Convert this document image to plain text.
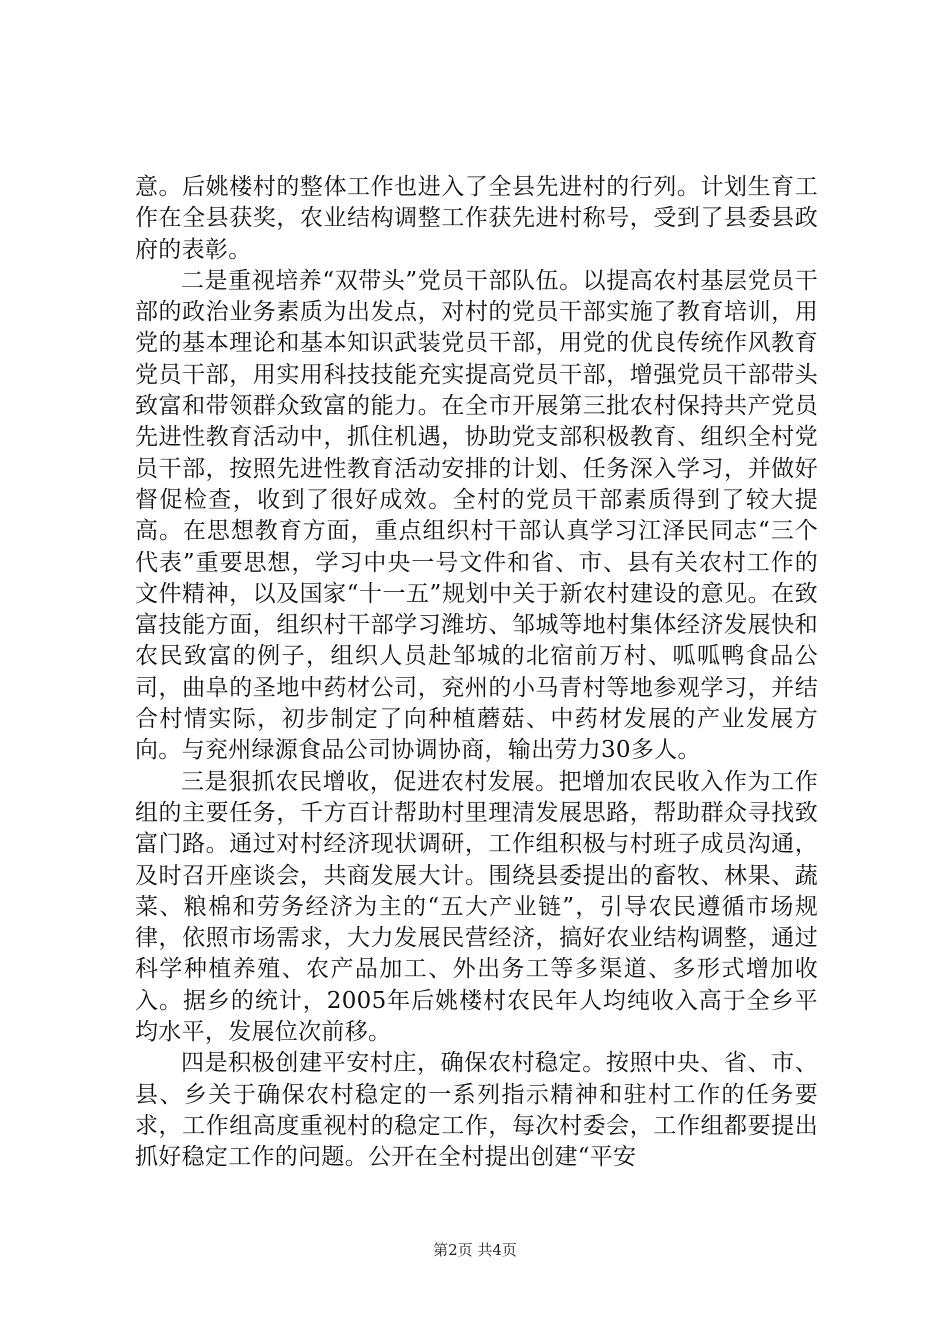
意。后姚楼村的整体工作也进入了全县先进村的行列。计划生育工作在全县获奖，农业结构调整工作获先进村称号，受到了县委县政府的表彰。

二是重视培养“双带头”党员干部队伍。以提高农村基层党员干部的政治业务素质为出发点，对村的党员干部实施了教育培训，用党的基本理论和基本知识武装党员干部，用党的优良传统作风教育党员干部，用实用科技技能充实提高党员干部，增强党员干部带头致富和带领群众致富的能力。在全市开展第三批农村保持共产党员先进性教育活动中，抓住机遇，协助党支部积极教育、组织全村党员干部，按照先进性教育活动安排的计划、任务深入学习，并做好督促检查，收到了很好成效。全村的党员干部素质得到了较大提高。在思想教育方面，重点组织村干部认真学习江泽民同志“三个代表”重要思想，学习中央一号文件和省、市、县有关农村工作的文件精神，以及国家“十一五”规划中关于新农村建设的意见。在致富技能方面，组织村干部学习潍坊、邹城等地村集体经济发展快和农民致富的例子，组织人员赴邹城的北宿前万村、呱呱鸭食品公司，曲阜的圣地中药材公司，兖州的小马青村等地参观学习，并结合村情实际，初步制定了向种植蘑菇、中药材发展的产业发展方向。与兖州绿源食品公司协调协商，输出劳力30多人。

三是狠抓农民增收，促进农村发展。把增加农民收入作为工作组的主要任务，千方百计帮助村里理清发展思路，帮助群众寻找致富门路。通过对村经济现状调研，工作组积极与村班子成员沟通，及时召开座谈会，共商发展大计。围绕县委提出的畜牧、林果、蔬菜、粮棉和劳务经济为主的“五大产业链”，引导农民遵循市场规律，依照市场需求，大力发展民营经济，搞好农业结构调整，通过科学种植养殖、农产品加工、外出务工等多渠道、多形式增加收入。据乡的统计，2005年后姚楼村农民年人均纯收入高于全乡平均水平，发展位次前移。

四是积极创建平安村庄，确保农村稳定。按照中央、省、市、县、乡关于确保农村稳定的一系列指示精神和驻村工作的任务要求，工作组高度重视村的稳定工作，每次村委会，工作组都要提出抓好稳定工作的问题。公开在全村提出创建“平安

第2页 共4页
